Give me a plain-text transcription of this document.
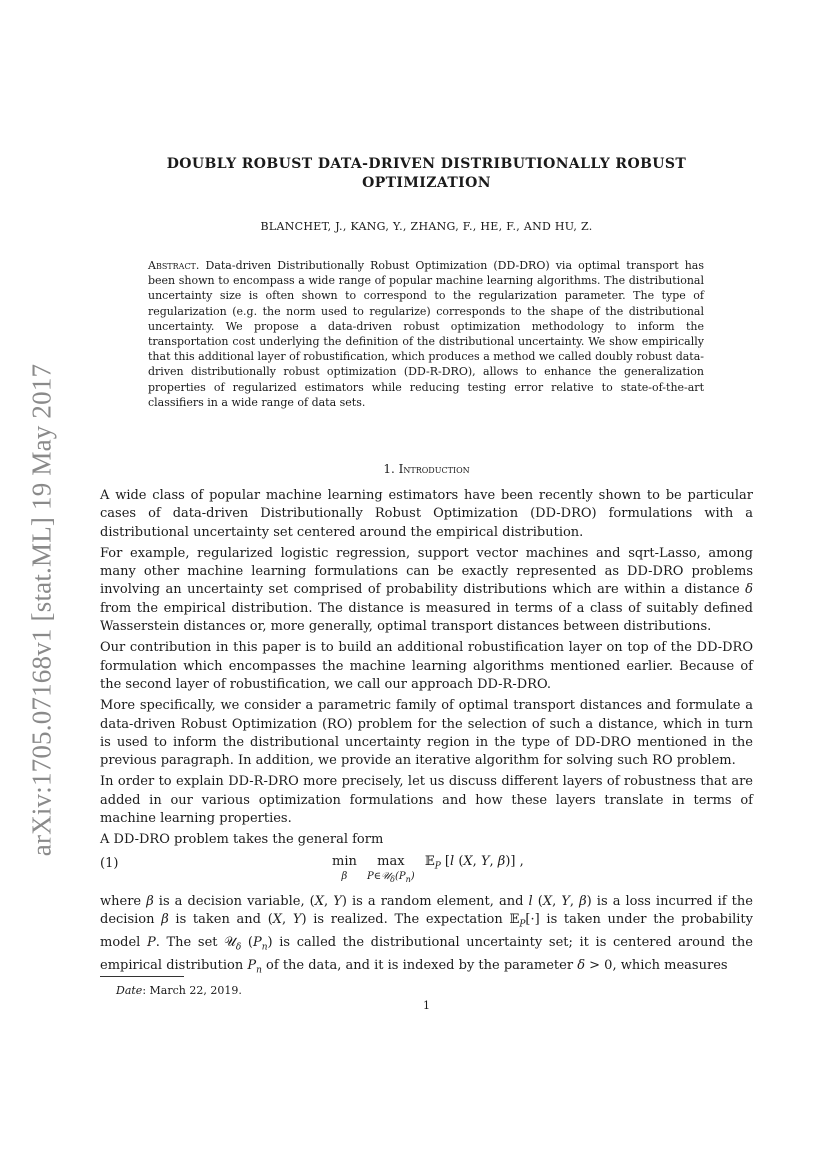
arXiv:1705.07168v1 [stat.ML] 19 May 2017
DOUBLY ROBUST DATA-DRIVEN DISTRIBUTIONALLY ROBUST
OPTIMIZATION
BLANCHET, J., KANG, Y., ZHANG, F., HE, F., AND HU, Z.
Abstract. Data-driven Distributionally Robust Optimization (DD-DRO) via optimal transport has been shown to encompass a wide range of popular machine learning algorithms. The distributional uncertainty size is often shown to correspond to the regularization parameter. The type of regularization (e.g. the norm used to regularize) corresponds to the shape of the distributional uncertainty. We propose a data-driven robust optimization methodology to inform the transportation cost underlying the definition of the distributional uncertainty. We show empirically that this additional layer of robustification, which produces a method we called doubly robust data-driven distributionally robust optimization (DD-R-DRO), allows to enhance the generalization properties of regularized estimators while reducing testing error relative to state-of-the-art classifiers in a wide range of data sets.
1. Introduction

A wide class of popular machine learning estimators have been recently shown to be particular cases of data-driven Distributionally Robust Optimization (DD-DRO) formulations with a distributional uncertainty set centered around the empirical distribution.

For example, regularized logistic regression, support vector machines and sqrt-Lasso, among many other machine learning formulations can be exactly represented as DD-DRO problems involving an uncertainty set comprised of probability distributions which are within a distance δ from the empirical distribution. The distance is measured in terms of a class of suitably defined Wasserstein distances or, more generally, optimal transport distances between distributions.

Our contribution in this paper is to build an additional robustification layer on top of the DD-DRO formulation which encompasses the machine learning algorithms mentioned earlier. Because of the second layer of robustification, we call our approach DD-R-DRO.

More specifically, we consider a parametric family of optimal transport distances and formulate a data-driven Robust Optimization (RO) problem for the selection of such a distance, which in turn is used to inform the distributional uncertainty region in the type of DD-DRO mentioned in the previous paragraph. In addition, we provide an iterative algorithm for solving such RO problem.

In order to explain DD-R-DRO more precisely, let us discuss different layers of robustness that are added in our various optimization formulations and how these layers translate in terms of machine learning properties.

A DD-DRO problem takes the general form

(1)	min
β

max
$P\in 𝒰_\delta(P_n)$
𝔼$_P$ [l (X, Y, β)] ,

where β is a decision variable, (X, Y) is a random element, and l (X, Y, β) is a loss incurred if the decision β is taken and (X, Y) is realized. The expectation 𝔼$_P$[·] is taken under the probability model P. The set 𝒰$_\delta$ $(P_n)$ is called the distributional uncertainty set; it is centered around the empirical distribution $P_n$ of the data, and it is indexed by the parameter δ > 0, which measures

Date: March 22, 2019.
1
